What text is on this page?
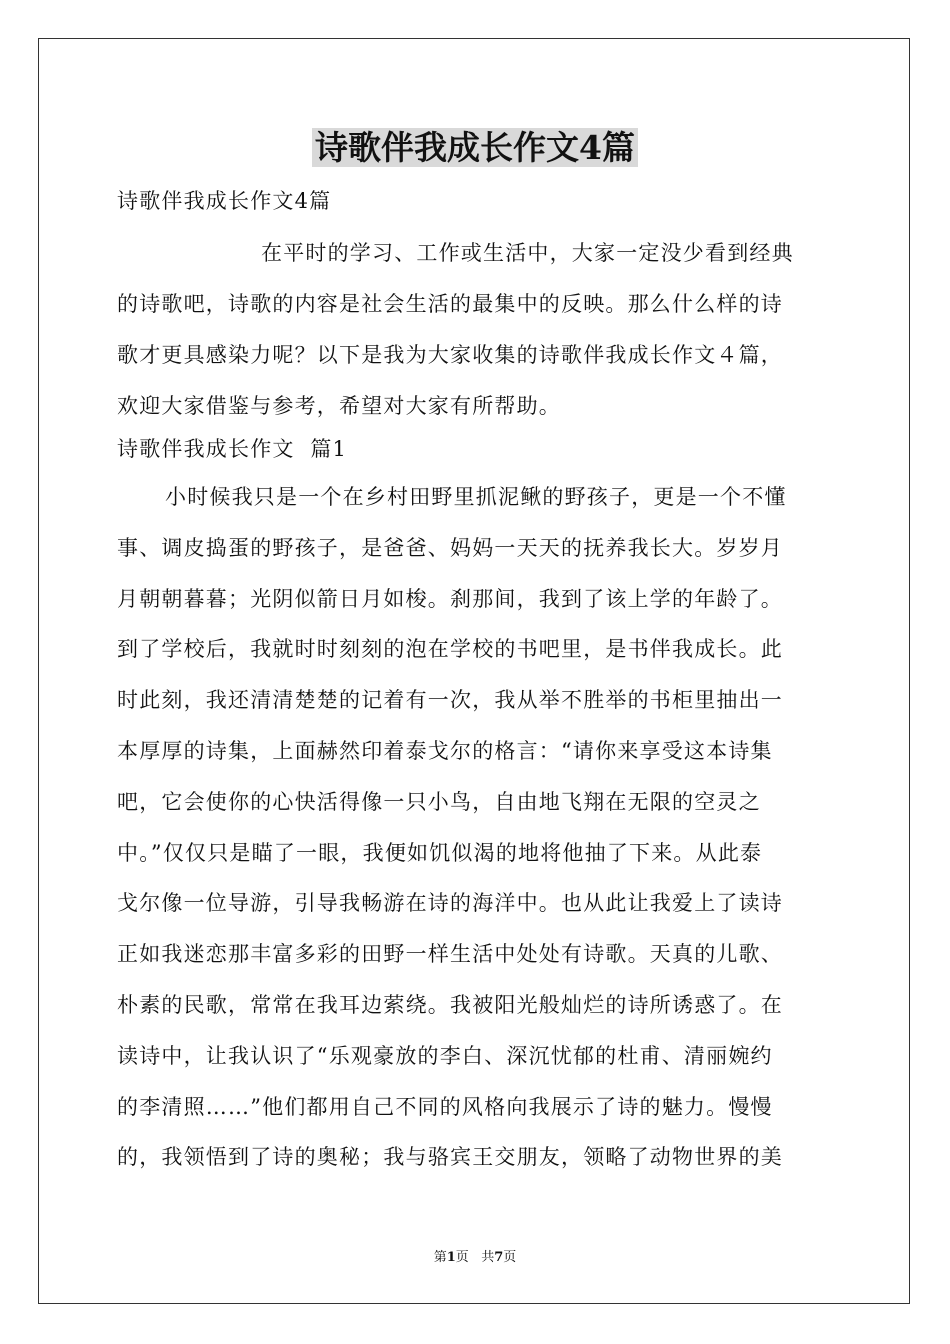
诗歌伴我成长作文4篇
诗歌伴我成长作文4篇
在平时的学习、工作或生活中，大家一定没少看到经典
的诗歌吧，诗歌的内容是社会生活的最集中的反映。那么什么样的诗
歌才更具感染力呢？以下是我为大家收集的诗歌伴我成长作文４篇，
欢迎大家借鉴与参考，希望对大家有所帮助。
诗歌伴我成长作文  篇1
小时候我只是一个在乡村田野里抓泥鳅的野孩子，更是一个不懂
事、调皮捣蛋的野孩子，是爸爸、妈妈一天天的抚养我长大。岁岁月
月朝朝暮暮；光阴似箭日月如梭。刹那间，我到了该上学的年龄了。
到了学校后，我就时时刻刻的泡在学校的书吧里，是书伴我成长。此
时此刻，我还清清楚楚的记着有一次，我从举不胜举的书柜里抽出一
本厚厚的诗集，上面赫然印着泰戈尔的格言：“请你来享受这本诗集
吧，它会使你的心快活得像一只小鸟，自由地飞翔在无限的空灵之
中。”仅仅只是瞄了一眼，我便如饥似渴的地将他抽了下来。从此泰
戈尔像一位导游，引导我畅游在诗的海洋中。也从此让我爱上了读诗
正如我迷恋那丰富多彩的田野一样生活中处处有诗歌。天真的儿歌、
朴素的民歌，常常在我耳边萦绕。我被阳光般灿烂的诗所诱惑了。在
读诗中，让我认识了“乐观豪放的李白、深沉忧郁的杜甫、清丽婉约
的李清照……”他们都用自己不同的风格向我展示了诗的魅力。慢慢
的，我领悟到了诗的奥秘；我与骆宾王交朋友，领略了动物世界的美
第1页 共7页
